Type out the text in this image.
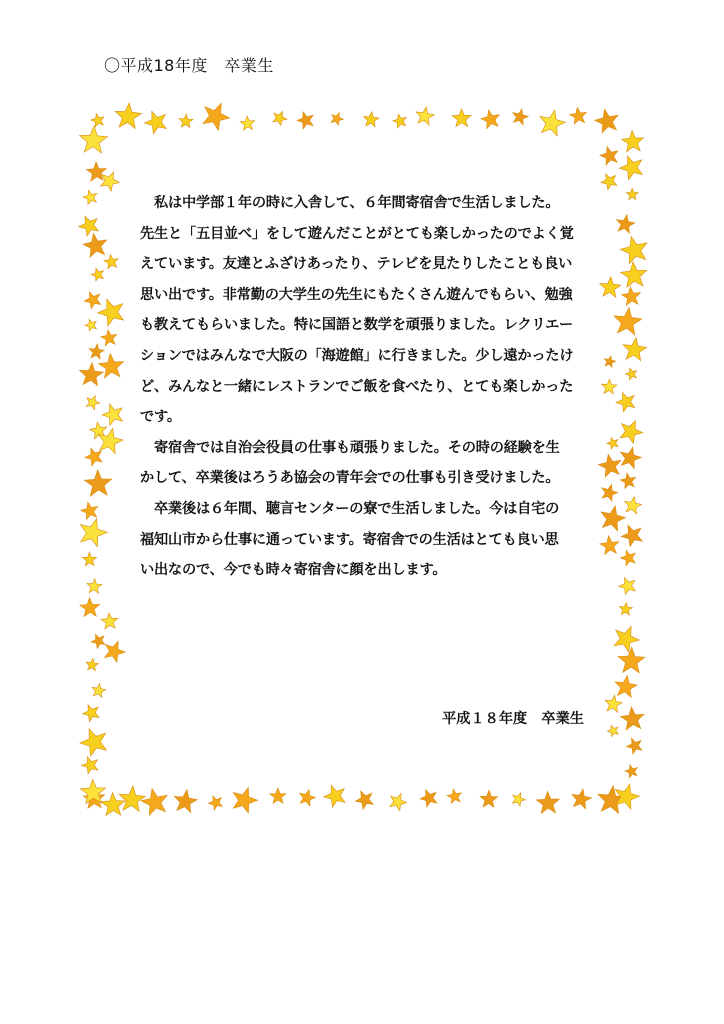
〇平成18年度　卒業生
　私は中学部１年の時に入舎して、６年間寄宿舎で生活しました。
先生と「五目並べ」をして遊んだことがとても楽しかったのでよく覚
えています。友達とふざけあったり、テレビを見たりしたことも良い
思い出です。非常勤の大学生の先生にもたくさん遊んでもらい、勉強
も教えてもらいました。特に国語と数学を頑張りました。レクリエー
ションではみんなで大阪の「海遊館」に行きました。少し遠かったけ
ど、みんなと一緒にレストランでご飯を食べたり、とても楽しかった
です。
　寄宿舎では自治会役員の仕事も頑張りました。その時の経験を生
かして、卒業後はろうあ協会の青年会での仕事も引き受けました。
　卒業後は６年間、聴言センターの寮で生活しました。今は自宅の
福知山市から仕事に通っています。寄宿舎での生活はとても良い思
い出なので、今でも時々寄宿舎に顔を出します。
平成１８年度　卒業生
